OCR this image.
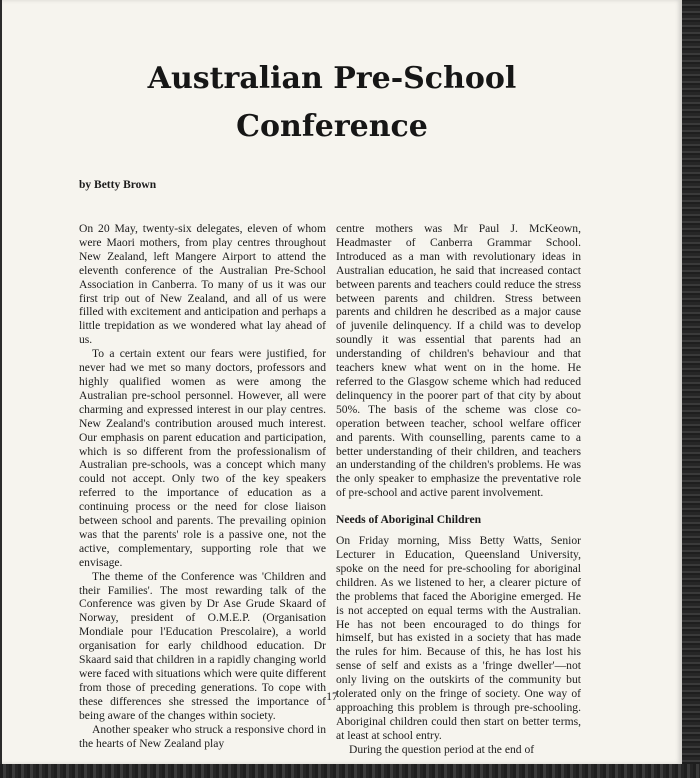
Australian Pre-School Conference
by Betty Brown

On 20 May, twenty-six delegates, eleven of whom were Maori mothers, from play centres throughout New Zealand, left Mangere Airport to attend the eleventh conference of the Australian Pre-School Association in Canberra. To many of us it was our first trip out of New Zealand, and all of us were filled with excitement and anticipation and perhaps a little trepidation as we wondered what lay ahead of us.

To a certain extent our fears were justified, for never had we met so many doctors, professors and highly qualified women as were among the Australian pre-school personnel. However, all were charming and expressed interest in our play centres. New Zealand's contribution aroused much interest. Our emphasis on parent education and participation, which is so different from the professionalism of Australian pre-schools, was a concept which many could not accept. Only two of the key speakers referred to the importance of education as a continuing process or the need for close liaison between school and parents. The prevailing opinion was that the parents' role is a passive one, not the active, complementary, supporting role that we envisage.

The theme of the Conference was 'Children and their Families'. The most rewarding talk of the Conference was given by Dr Ase Grude Skaard of Norway, president of O.M.E.P. (Organisation Mondiale pour l'Education Prescolaire), a world organisation for early childhood education. Dr Skaard said that children in a rapidly changing world were faced with situations which were quite different from those of preceding generations. To cope with these differences she stressed the importance of being aware of the changes within society.

Another speaker who struck a responsive chord in the hearts of New Zealand play

centre mothers was Mr Paul J. McKeown, Headmaster of Canberra Grammar School. Introduced as a man with revolutionary ideas in Australian education, he said that increased contact between parents and teachers could reduce the stress between parents and children. Stress between parents and children he described as a major cause of juvenile delinquency. If a child was to develop soundly it was essential that parents had an understanding of children's behaviour and that teachers knew what went on in the home. He referred to the Glasgow scheme which had reduced delinquency in the poorer part of that city by about 50%. The basis of the scheme was close co-operation between teacher, school welfare officer and parents. With counselling, parents came to a better understanding of their children, and teachers an understanding of the children's problems. He was the only speaker to emphasize the preventative role of pre-school and active parent involvement.

Needs of Aboriginal Children

On Friday morning, Miss Betty Watts, Senior Lecturer in Education, Queensland University, spoke on the need for pre-schooling for aboriginal children. As we listened to her, a clearer picture of the problems that faced the Aborigine emerged. He is not accepted on equal terms with the Australian. He has not been encouraged to do things for himself, but has existed in a society that has made the rules for him. Because of this, he has lost his sense of self and exists as a 'fringe dweller'—not only living on the outskirts of the community but tolerated only on the fringe of society. One way of approaching this problem is through pre-schooling. Aboriginal children could then start on better terms, at least at school entry.

During the question period at the end of

17
